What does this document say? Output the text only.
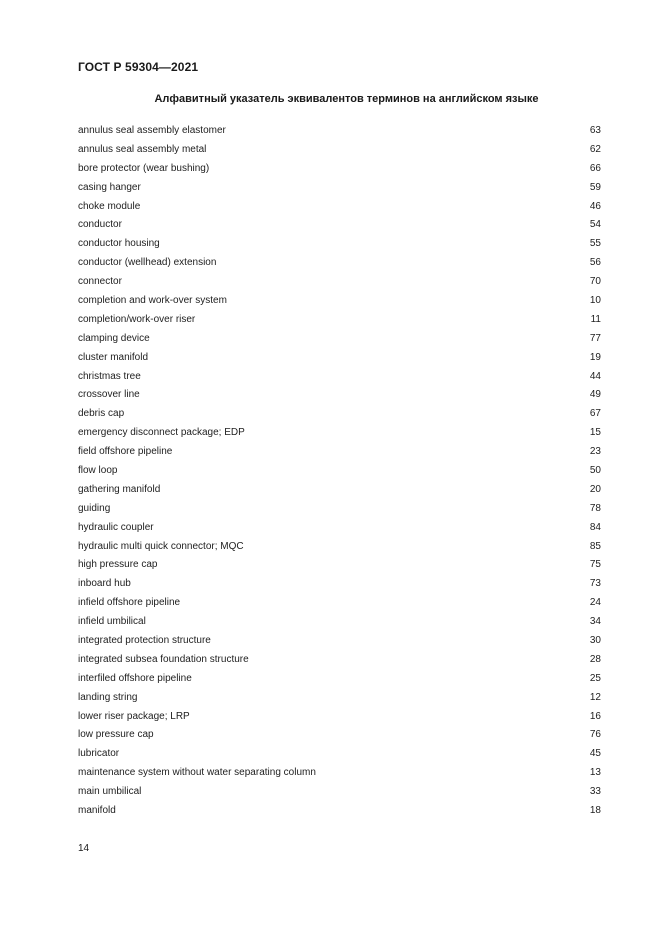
ГОСТ Р 59304—2021
Алфавитный указатель эквивалентов терминов на английском языке
annulus seal assembly elastomer	63
annulus seal assembly metal	62
bore protector (wear bushing)	66
casing hanger	59
choke module	46
conductor	54
conductor housing	55
conductor (wellhead) extension	56
connector	70
completion and work-over system	10
completion/work-over riser	11
clamping device	77
cluster manifold	19
christmas tree	44
crossover line	49
debris cap	67
emergency disconnect package; EDP	15
field offshore pipeline	23
flow loop	50
gathering manifold	20
guiding	78
hydraulic coupler	84
hydraulic multi quick connector; MQC	85
high pressure cap	75
inboard hub	73
infield offshore pipeline	24
infield umbilical	34
integrated protection structure	30
integrated subsea foundation structure	28
interfiled offshore pipeline	25
landing string	12
lower riser package; LRP	16
low pressure cap	76
lubricator	45
maintenance system without water separating column	13
main umbilical	33
manifold	18
14
